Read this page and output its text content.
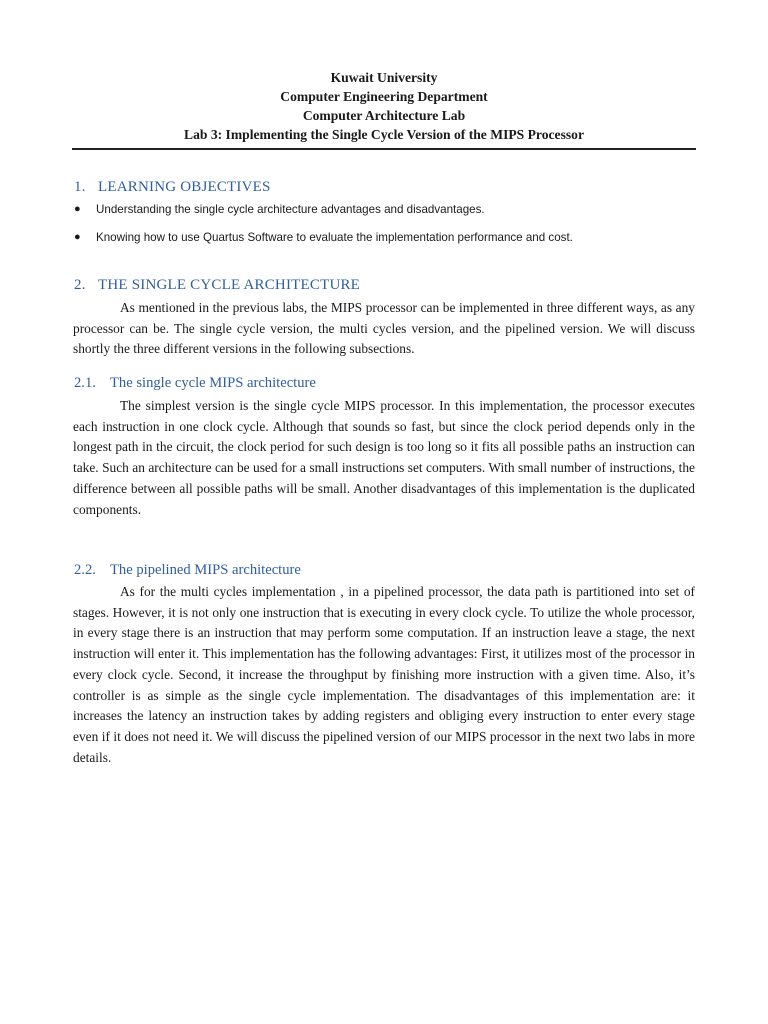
Kuwait University
Computer Engineering Department
Computer Architecture Lab
Lab 3: Implementing the Single Cycle Version of the MIPS Processor
1. LEARNING OBJECTIVES
● Understanding the single cycle architecture advantages and disadvantages.
● Knowing how to use Quartus Software to evaluate the implementation performance and cost.
2. THE SINGLE CYCLE ARCHITECTURE

As mentioned in the previous labs, the MIPS processor can be implemented in three different ways, as any processor can be. The single cycle version, the multi cycles version, and the pipelined version. We will discuss shortly the three different versions in the following subsections.

2.1. The single cycle MIPS architecture

The simplest version is the single cycle MIPS processor. In this implementation, the processor executes each instruction in one clock cycle. Although that sounds so fast, but since the clock period depends only in the longest path in the circuit, the clock period for such design is too long so it fits all possible paths an instruction can take. Such an architecture can be used for a small instructions set computers. With small number of instructions, the difference between all possible paths will be small. Another disadvantages of this implementation is the duplicated components.

2.2. The pipelined MIPS architecture

As for the multi cycles implementation , in a pipelined processor, the data path is partitioned into set of stages. However, it is not only one instruction that is executing in every clock cycle. To utilize the whole processor, in every stage there is an instruction that may perform some computation. If an instruction leave a stage, the next instruction will enter it. This implementation has the following advantages: First, it utilizes most of the processor in every clock cycle. Second, it increase the throughput by finishing more instruction with a given time. Also, it’s controller is as simple as the single cycle implementation. The disadvantages of this implementation are: it increases the latency an instruction takes by adding registers and obliging every instruction to enter every stage even if it does not need it. We will discuss the pipelined version of our MIPS processor in the next two labs in more details.
